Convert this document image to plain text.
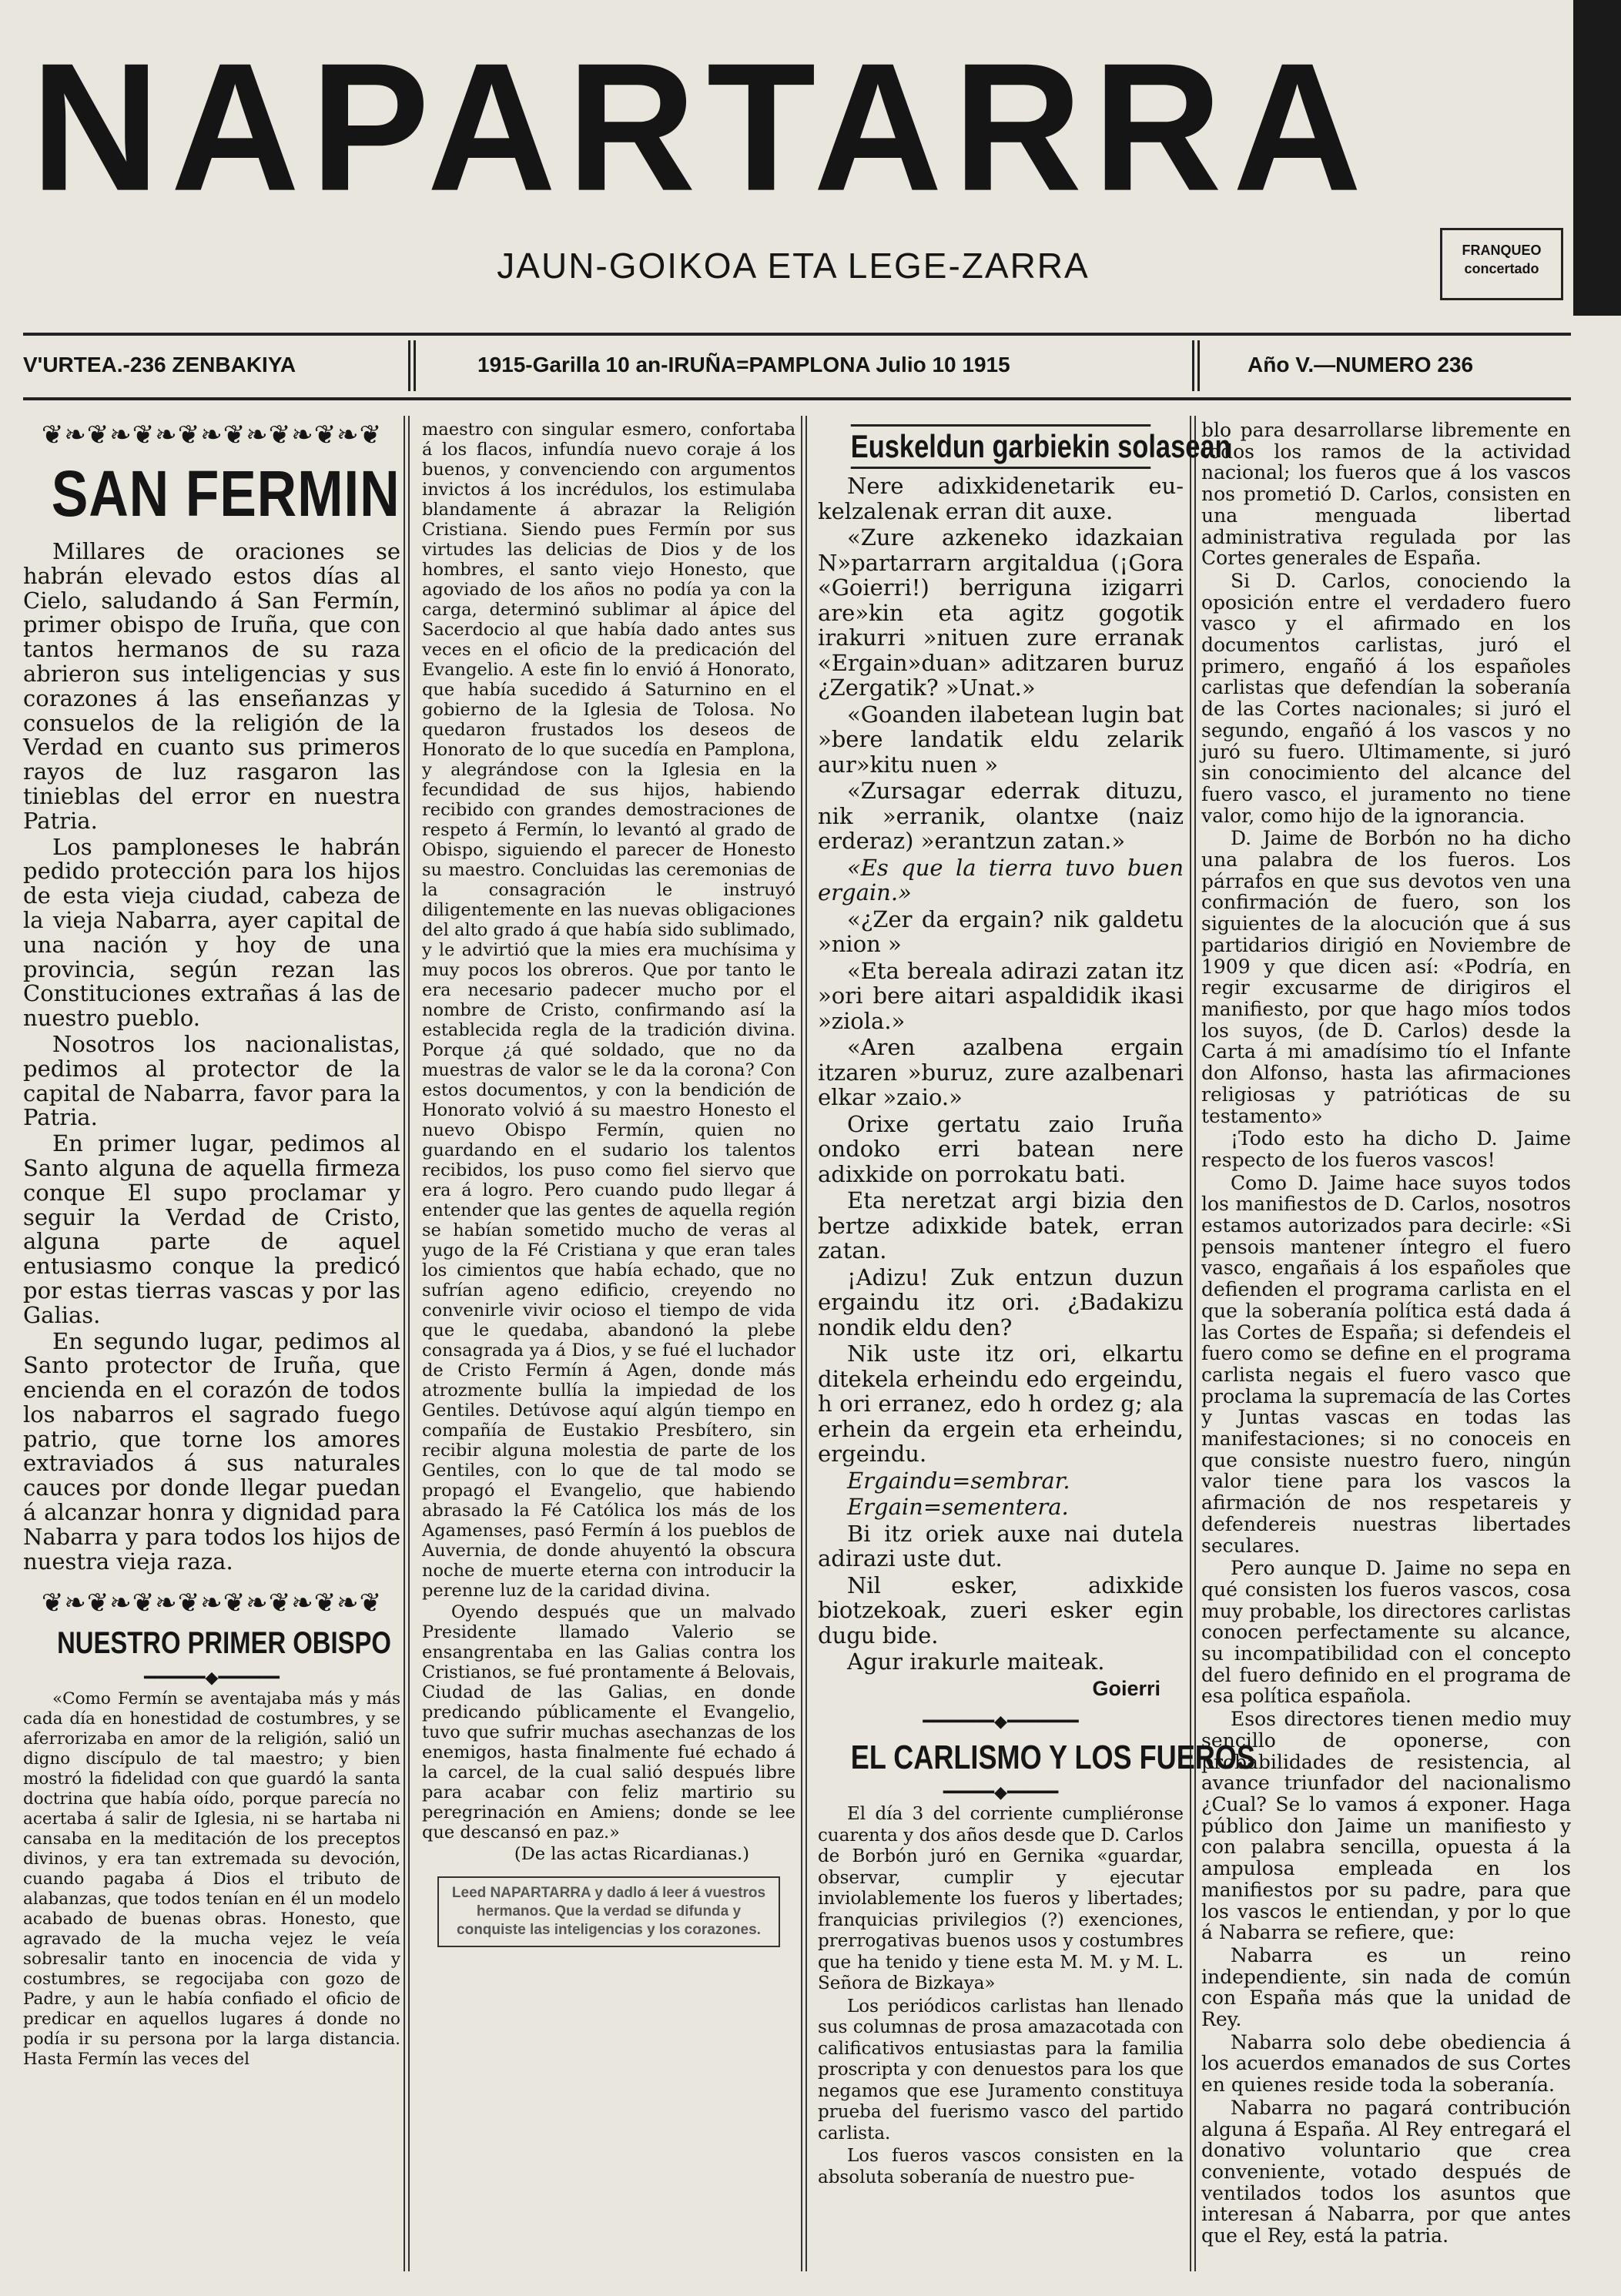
NAPARTARRA
JAUN-GOIKOA ETA LEGE-ZARRA	FRANQUEO
concertado
V'URTEA.-236 ZENBAKIYA	1915-Garilla 10 an-IRUÑA=PAMPLONA Julio 10 1915	Año V.—NUMERO 236
❦❧❦❧❦❧❦❧❦❧❦❧❦❧❦
SAN FERMIN

Millares de oraciones se habrán elevado estos días al Cielo, saludando á San Fermín, primer obispo de Iruña, que con tantos hermanos de su raza abrieron sus inteligencias y sus corazones á las enseñanzas y consuelos de la religión de la Verdad en cuanto sus primeros rayos de luz rasgaron las tinieblas del error en nuestra Patria.

Los pamploneses le habrán pedido protección para los hijos de esta vieja ciudad, cabeza de la vieja Nabarra, ayer capital de una nación y hoy de una provincia, según rezan las Constituciones extrañas á las de nuestro pueblo.

Nosotros los nacionalistas, pedimos al protector de la capital de Nabarra, favor para la Patria.

En primer lugar, pedimos al Santo alguna de aquella firmeza conque El supo proclamar y seguir la Verdad de Cristo, alguna parte de aquel entusiasmo conque la predicó por estas tierras vascas y por las Galias.

En segundo lugar, pedimos al Santo protector de Iruña, que encienda en el corazón de todos los nabarros el sagrado fuego patrio, que torne los amores extraviados á sus naturales cauces por donde llegar puedan á alcanzar honra y dignidad para Nabarra y para todos los hijos de nuestra vieja raza.

❦❧❦❧❦❧❦❧❦❧❦❧❦❧❦
NUESTRO PRIMER OBISPO
━━━━━━◆━━━━━━

«Como Fermín se aventajaba más y más cada día en honestidad de costumbres, y se aferrorizaba en amor de la religión, salió un digno discípulo de tal maestro; y bien mostró la fidelidad con que guardó la santa doctrina que había oído, porque parecía no acertaba á salir de Iglesia, ni se hartaba ni cansaba en la meditación de los preceptos divinos, y era tan extremada su devoción, cuando pagaba á Dios el tributo de alabanzas, que todos tenían en él un modelo acabado de buenas obras. Honesto, que agravado de la mucha vejez le veía sobresalir tanto en inocencia de vida y costumbres, se regocijaba con gozo de Padre, y aun le había confiado el oficio de predicar en aquellos lugares á donde no podía ir su persona por la larga distancia. Hasta Fermín las veces del

maestro con singular esmero, confortaba á los flacos, infundía nuevo coraje á los buenos, y convenciendo con argumentos invictos á los incrédulos, los estimulaba blandamente á abrazar la Religión Cristiana. Siendo pues Fermín por sus virtudes las delicias de Dios y de los hombres, el santo viejo Honesto, que agoviado de los años no podía ya con la carga, determinó sublimar al ápice del Sacerdocio al que había dado antes sus veces en el oficio de la predicación del Evangelio. A este fin lo envió á Honorato, que había sucedido á Saturnino en el gobierno de la Iglesia de Tolosa. No quedaron frustados los deseos de Honorato de lo que sucedía en Pamplona, y alegrándose con la Iglesia en la fecundidad de sus hijos, habiendo recibido con grandes demostraciones de respeto á Fermín, lo levantó al grado de Obispo, siguiendo el parecer de Honesto su maestro. Concluidas las ceremonias de la consagración le instruyó diligentemente en las nuevas obligaciones del alto grado á que había sido sublimado, y le advirtió que la mies era muchísima y muy pocos los obreros. Que por tanto le era necesario padecer mucho por el nombre de Cristo, confirmando así la establecida regla de la tradición divina. Porque ¿á qué soldado, que no da muestras de valor se le da la corona? Con estos documentos, y con la bendición de Honorato volvió á su maestro Honesto el nuevo Obispo Fermín, quien no guardando en el sudario los talentos recibidos, los puso como fiel siervo que era á logro. Pero cuando pudo llegar á entender que las gentes de aquella región se habían sometido mucho de veras al yugo de la Fé Cristiana y que eran tales los cimientos que había echado, que no sufrían ageno edificio, creyendo no convenirle vivir ocioso el tiempo de vida que le quedaba, abandonó la plebe consagrada ya á Dios, y se fué el luchador de Cristo Fermín á Agen, donde más atrozmente bullía la impiedad de los Gentiles. Detúvose aquí algún tiempo en compañía de Eustakio Presbítero, sin recibir alguna molestia de parte de los Gentiles, con lo que de tal modo se propagó el Evangelio, que habiendo abrasado la Fé Católica los más de los Agamenses, pasó Fermín á los pueblos de Auvernia, de donde ahuyentó la obscura noche de muerte eterna con introducir la perenne luz de la caridad divina.

Oyendo después que un malvado Presidente llamado Valerio se ensangrentaba en las Galias contra los Cristianos, se fué prontamente á Belovais, Ciudad de las Galias, en donde predicando públicamente el Evangelio, tuvo que sufrir muchas asechanzas de los enemigos, hasta finalmente fué echado á la carcel, de la cual salió después libre para acabar con feliz martirio su peregrinación en Amiens; donde se lee que descansó en paz.»

(De las actas Ricardianas.)

Leed NAPARTARRA y dadlo á leer á vuestros hermanos. Que la verdad se difunda y conquiste las inteligencias y los corazones.
Euskeldun garbiekin solasean

Nere adixkidenetarik eu-kelzalenak erran dit auxe.

«Zure azkeneko idazkaian N»partarrarn argitaldua (¡Gora «Goierri!) berriguna izigarri are»kin eta agitz gogotik irakurri »nituen zure erranak «Ergain»duan» aditzaren buruz ¿Zergatik? »Unat.»

«Goanden ilabetean lugin bat »bere landatik eldu zelarik aur»kitu nuen »

«Zursagar ederrak dituzu, nik »erranik, olantxe (naiz erderaz) »erantzun zatan.»

«Es que la tierra tuvo buen ergain.»

«¿Zer da ergain? nik galdetu »nion »

«Eta bereala adirazi zatan itz »ori bere aitari aspaldidik ikasi »ziola.»

«Aren azalbena ergain itzaren »buruz, zure azalbenari elkar »zaio.»

Orixe gertatu zaio Iruña ondoko erri batean nere adixkide on porrokatu bati.

Eta neretzat argi bizia den bertze adixkide batek, erran zatan.

¡Adizu! Zuk entzun duzun ergaindu itz ori. ¿Badakizu nondik eldu den?

Nik uste itz ori, elkartu ditekela erheindu edo ergeindu, h ori erranez, edo h ordez g; ala erhein da ergein eta erheindu, ergeindu.

Ergaindu=sembrar.

Ergain=sementera.

Bi itz oriek auxe nai dutela adirazi uste dut.

Nil esker, adixkide biotzekoak, zueri esker egin dugu bide.

Agur irakurle maiteak.

Goierri
━━━━━━━◆━━━━━━━
EL CARLISMO Y LOS FUEROS
━━━━━◆━━━━━

El día 3 del corriente cumpliéronse cuarenta y dos años desde que D. Carlos de Borbón juró en Gernika «guardar, observar, cumplir y ejecutar inviolablemente los fueros y libertades; franquicias privilegios (?) exenciones, prerrogativas buenos usos y costumbres que ha tenido y tiene esta M. M. y M. L. Señora de Bizkaya»

Los periódicos carlistas han llenado sus columnas de prosa amazacotada con calificativos entusiastas para la familia proscripta y con denuestos para los que negamos que ese Juramento constituya prueba del fuerismo vasco del partido carlista.

Los fueros vascos consisten en la absoluta soberanía de nuestro pue-

blo para desarrollarse libremente en todos los ramos de la actividad nacional; los fueros que á los vascos nos prometió D. Carlos, consisten en una menguada libertad administrativa regulada por las Cortes generales de España.

Si D. Carlos, conociendo la oposición entre el verdadero fuero vasco y el afirmado en los documentos carlistas, juró el primero, engañó á los españoles carlistas que defendían la soberanía de las Cortes nacionales; si juró el segundo, engañó á los vascos y no juró su fuero. Ultimamente, si juró sin conocimiento del alcance del fuero vasco, el juramento no tiene valor, como hijo de la ignorancia.

D. Jaime de Borbón no ha dicho una palabra de los fueros. Los párrafos en que sus devotos ven una confirmación de fuero, son los siguientes de la alocución que á sus partidarios dirigió en Noviembre de 1909 y que dicen así: «Podría, en regir excusarme de dirigiros el manifiesto, por que hago míos todos los suyos, (de D. Carlos) desde la Carta á mi amadísimo tío el Infante don Alfonso, hasta las afirmaciones religiosas y patrióticas de su testamento»

¡Todo esto ha dicho D. Jaime respecto de los fueros vascos!

Como D. Jaime hace suyos todos los manifiestos de D. Carlos, nosotros estamos autorizados para decirle: «Si pensois mantener íntegro el fuero vasco, engañais á los españoles que defienden el programa carlista en el que la soberanía política está dada á las Cortes de España; si defendeis el fuero como se define en el programa carlista negais el fuero vasco que proclama la supremacía de las Cortes y Juntas vascas en todas las manifestaciones; si no conoceis en que consiste nuestro fuero, ningún valor tiene para los vascos la afirmación de nos respetareis y defendereis nuestras libertades seculares.

Pero aunque D. Jaime no sepa en qué consisten los fueros vascos, cosa muy probable, los directores carlistas conocen perfectamente su alcance, su incompatibilidad con el concepto del fuero definido en el programa de esa política española.

Esos directores tienen medio muy sencillo de oponerse, con probabilidades de resistencia, al avance triunfador del nacionalismo ¿Cual? Se lo vamos á exponer. Haga público don Jaime un manifiesto y con palabra sencilla, opuesta á la ampulosa empleada en los manifiestos por su padre, para que los vascos le entiendan, y por lo que á Nabarra se refiere, que:

Nabarra es un reino independiente, sin nada de común con España más que la unidad de Rey.

Nabarra solo debe obediencia á los acuerdos emanados de sus Cortes en quienes reside toda la soberanía.

Nabarra no pagará contribución alguna á España. Al Rey entregará el donativo voluntario que crea conveniente, votado después de ventilados todos los asuntos que interesan á Nabarra, por que antes que el Rey, está la patria.
